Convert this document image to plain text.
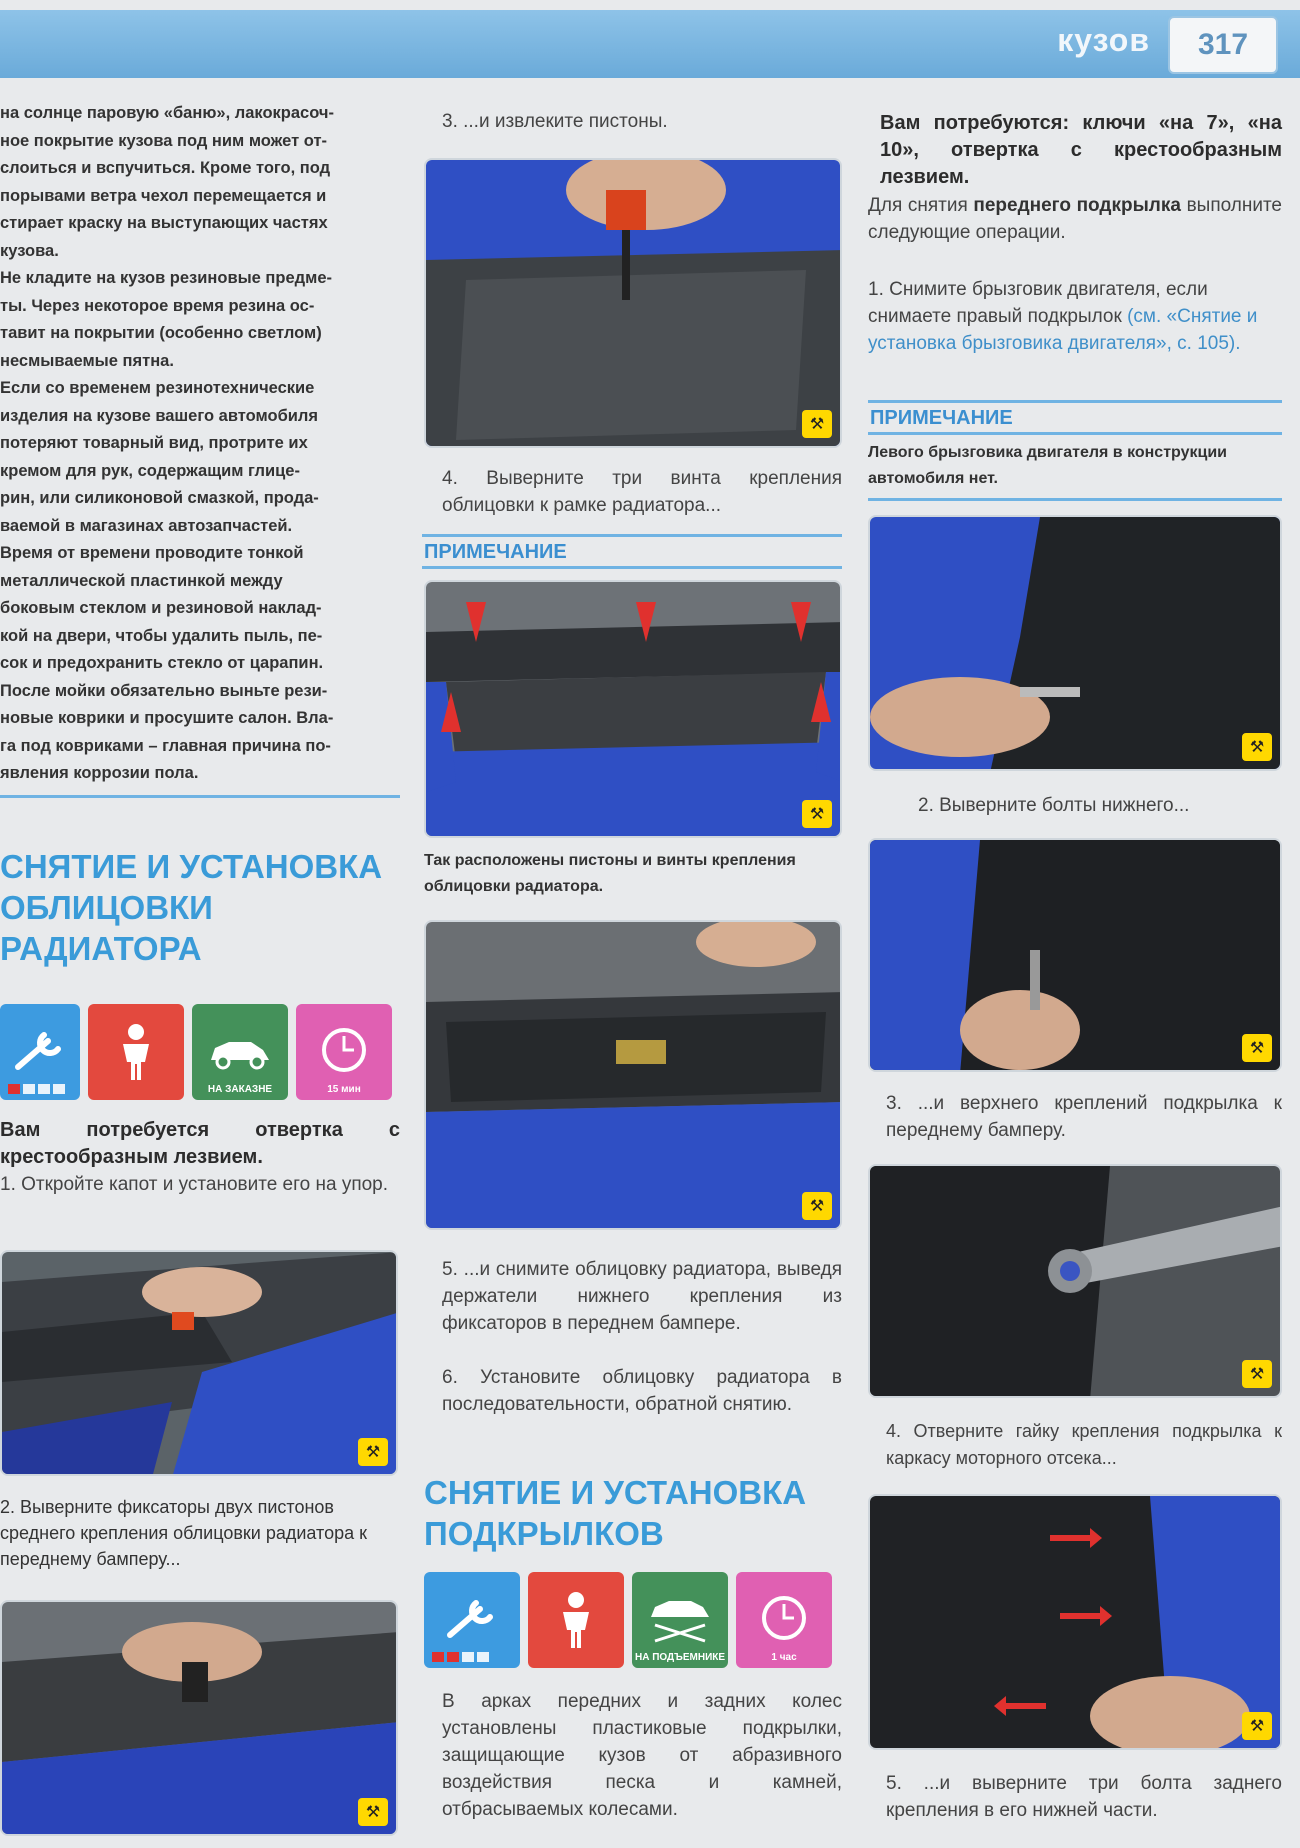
кузов	317
на солнце паровую «баню», лакокрасоч-
ное покрытие кузова под ним может от-
слоиться и вспучиться. Кроме того, под
порывами ветра чехол перемещается и
стирает краску на выступающих частях
кузова.
Не кладите на кузов резиновые предме-
ты. Через некоторое время резина ос-
тавит на покрытии (особенно светлом)
несмываемые пятна.
Если со временем резинотехнические
изделия на кузове вашего автомобиля
потеряют товарный вид, протрите их
кремом для рук, содержащим глице-
рин, или силиконовой смазкой, прода-
ваемой в магазинах автозапчастей.
Время от времени проводите тонкой
металлической пластинкой между
боковым стеклом и резиновой наклад-
кой на двери, чтобы удалить пыль, пе-
сок и предохранить стекло от царапин.
После мойки обязательно выньте рези-
новые коврики и просушите салон. Вла-
га под ковриками – главная причина по-
явления коррозии пола.
СНЯТИЕ И УСТАНОВКА
ОБЛИЦОВКИ
РАДИАТОРА
НА ЗАКАЗНЕ	15 мин
Вам потребуется отвертка с крестообразным лезвием.
1. Откройте капот и установите его на упор.
⚒
2. Выверните фиксаторы двух пистонов среднего крепления облицовки радиатора к переднему бамперу...
⚒
3. ...и извлеките пистоны.
⚒
4. Выверните три винта крепления облицовки к рамке радиатора...
ПРИМЕЧАНИЕ
⚒
Так расположены пистоны и винты крепления облицовки радиатора.
⚒
5. ...и снимите облицовку радиатора, выведя держатели нижнего крепления из фиксаторов в переднем бампере.
6. Установите облицовку радиатора в последовательности, обратной снятию.
СНЯТИЕ И УСТАНОВКА
ПОДКРЫЛКОВ
НА ПОДЪЕМНИКЕ	1 час
В арках передних и задних колес установлены пластиковые подкрылки, защищающие кузов от абразивного воздействия песка и камней, отбрасываемых колесами.
Вам потребуются: ключи «на 7», «на 10», отвертка с крестообразным лезвием.
Для снятия переднего подкрылка выполните следующие операции.
1. Снимите брызговик двигателя, если снимаете правый подкрылок (см. «Снятие и установка брызговика двигателя», с. 105).
ПРИМЕЧАНИЕ
Левого брызговика двигателя в конструкции автомобиля нет.
⚒
2. Выверните болты нижнего...
⚒
3. ...и верхнего креплений подкрылка к переднему бамперу.
⚒
4. Отверните гайку крепления подкрылка к каркасу моторного отсека...
⚒
5. ...и выверните три болта заднего крепления в его нижней части.
